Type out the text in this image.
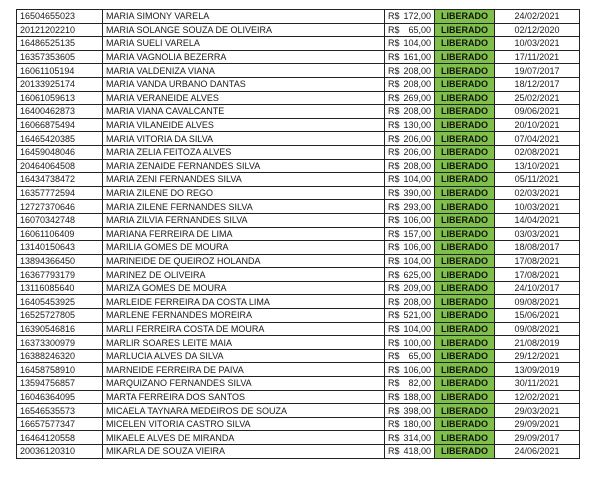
16504655023	MARIA SIMONY VARELA	R$ 172,00	LIBERADO	24/02/2021
20121202210	MARIA SOLANGE SOUZA DE OLIVEIRA	R$ 65,00	LIBERADO	02/12/2020
16486525135	MARIA SUELI VARELA	R$ 104,00	LIBERADO	10/03/2021
16357353605	MARIA VAGNOLIA BEZERRA	R$ 161,00	LIBERADO	17/11/2021
16061105194	MARIA VALDENIZA VIANA	R$ 208,00	LIBERADO	19/07/2017
20133925174	MARIA VANDA URBANO DANTAS	R$ 208,00	LIBERADO	18/12/2017
16061059613	MARIA VERANEIDE ALVES	R$ 269,00	LIBERADO	25/02/2021
16400462873	MARIA VIANA CAVALCANTE	R$ 208,00	LIBERADO	09/06/2021
16066875494	MARIA VILANEIDE ALVES	R$ 130,00	LIBERADO	20/10/2021
16465420385	MARIA VITORIA DA SILVA	R$ 206,00	LIBERADO	07/04/2021
16459048046	MARIA ZELIA FEITOZA ALVES	R$ 206,00	LIBERADO	02/08/2021
20464064508	MARIA ZENAIDE FERNANDES SILVA	R$ 208,00	LIBERADO	13/10/2021
16434738472	MARIA ZENI FERNANDES SILVA	R$ 104,00	LIBERADO	05/11/2021
16357772594	MARIA ZILENE DO REGO	R$ 390,00	LIBERADO	02/03/2021
12727370646	MARIA ZILENE FERNANDES SILVA	R$ 293,00	LIBERADO	10/03/2021
16070342748	MARIA ZILVIA FERNANDES SILVA	R$ 106,00	LIBERADO	14/04/2021
16061106409	MARIANA FERREIRA DE LIMA	R$ 157,00	LIBERADO	03/03/2021
13140150643	MARILIA GOMES DE MOURA	R$ 106,00	LIBERADO	18/08/2017
13894366450	MARINEIDE DE QUEIROZ HOLANDA	R$ 104,00	LIBERADO	17/08/2021
16367793179	MARINEZ DE OLIVEIRA	R$ 625,00	LIBERADO	17/08/2021
13116085640	MARIZA GOMES DE MOURA	R$ 209,00	LIBERADO	24/10/2017
16405453925	MARLEIDE FERREIRA DA COSTA LIMA	R$ 208,00	LIBERADO	09/08/2021
16525727805	MARLENE FERNANDES MOREIRA	R$ 521,00	LIBERADO	15/06/2021
16390546816	MARLI FERREIRA COSTA DE MOURA	R$ 104,00	LIBERADO	09/08/2021
16373300979	MARLIR SOARES LEITE MAIA	R$ 100,00	LIBERADO	21/08/2019
16388246320	MARLUCIA ALVES DA SILVA	R$ 65,00	LIBERADO	29/12/2021
16458758910	MARNEIDE FERREIRA DE PAIVA	R$ 106,00	LIBERADO	13/09/2019
13594756857	MARQUIZANO FERNANDES SILVA	R$ 82,00	LIBERADO	30/11/2021
16046364095	MARTA FERREIRA DOS SANTOS	R$ 188,00	LIBERADO	12/02/2021
16546535573	MICAELA TAYNARA MEDEIROS DE SOUZA	R$ 398,00	LIBERADO	29/03/2021
16657577347	MICELEN VITORIA CASTRO SILVA	R$ 180,00	LIBERADO	29/09/2021
16464120558	MIKAELE ALVES DE MIRANDA	R$ 314,00	LIBERADO	29/09/2017
20036120310	MIKARLA DE SOUZA VIEIRA	R$ 418,00	LIBERADO	24/06/2021
